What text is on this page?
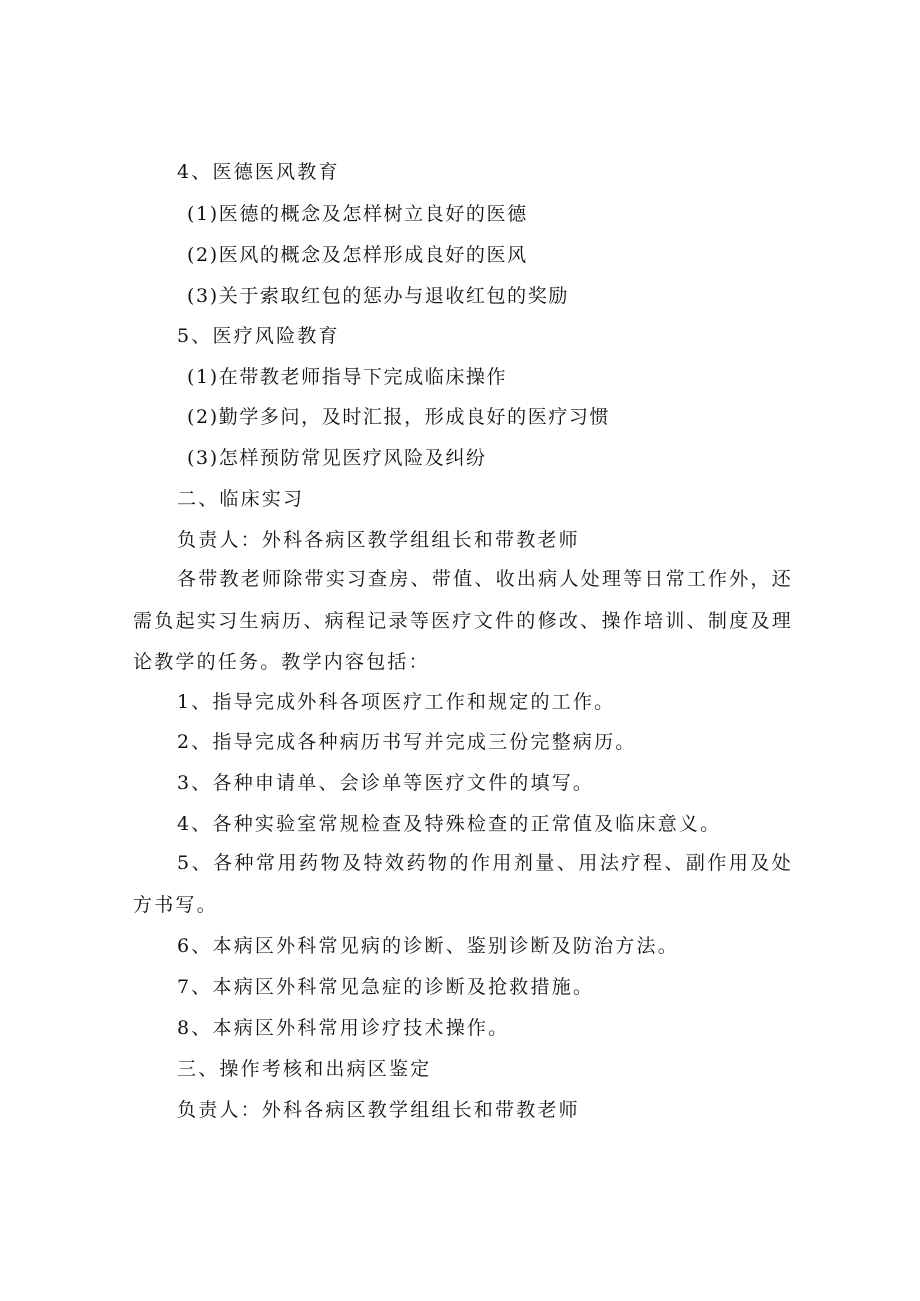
4、医德医风教育
(1)医德的概念及怎样树立良好的医德
(2)医风的概念及怎样形成良好的医风
(3)关于索取红包的惩办与退收红包的奖励
5、医疗风险教育
(1)在带教老师指导下完成临床操作
(2)勤学多问，及时汇报，形成良好的医疗习惯
(3)怎样预防常见医疗风险及纠纷
二、临床实习
负责人：外科各病区教学组组长和带教老师
各带教老师除带实习查房、带值、收出病人处理等日常工作外，还需负起实习生病历、病程记录等医疗文件的修改、操作培训、制度及理论教学的任务。教学内容包括：
1、指导完成外科各项医疗工作和规定的工作。
2、指导完成各种病历书写并完成三份完整病历。
3、各种申请单、会诊单等医疗文件的填写。
4、各种实验室常规检查及特殊检查的正常值及临床意义。
5、各种常用药物及特效药物的作用剂量、用法疗程、副作用及处方书写。
6、本病区外科常见病的诊断、鉴别诊断及防治方法。
7、本病区外科常见急症的诊断及抢救措施。
8、本病区外科常用诊疗技术操作。
三、操作考核和出病区鉴定
负责人：外科各病区教学组组长和带教老师
